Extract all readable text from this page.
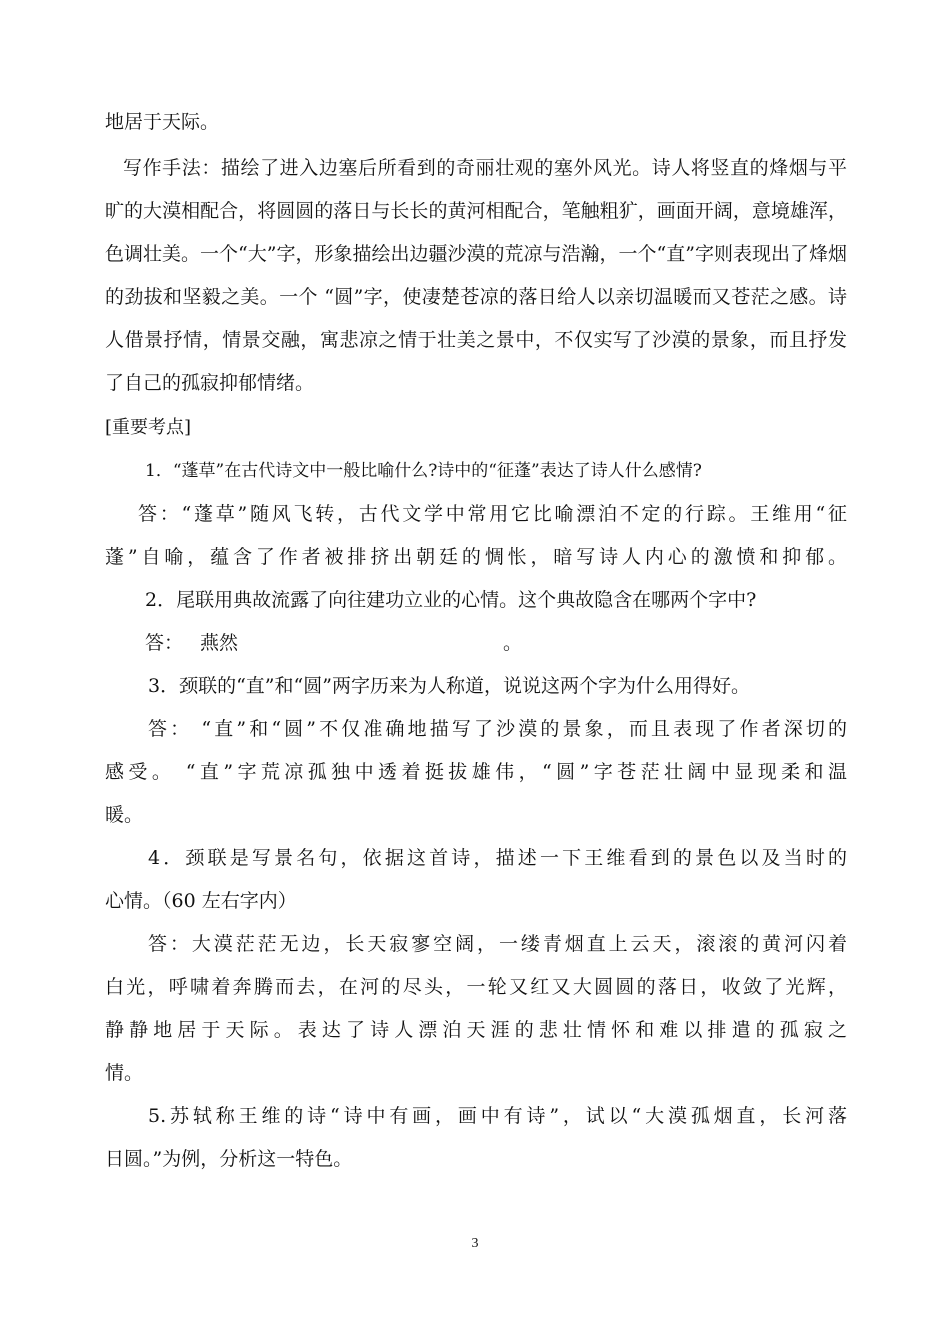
地居于天际。
写作手法：描绘了进入边塞后所看到的奇丽壮观的塞外风光。诗人将竖直的烽烟与平
旷的大漠相配合，将圆圆的落日与长长的黄河相配合，笔触粗犷，画面开阔，意境雄浑，
色调壮美。一个“大”字，形象描绘出边疆沙漠的荒凉与浩瀚，一个“直”字则表现出了烽烟
的劲拔和坚毅之美。一个 “圆”字，使凄楚苍凉的落日给人以亲切温暖而又苍茫之感。诗
人借景抒情，情景交融，寓悲凉之情于壮美之景中，不仅实写了沙漠的景象，而且抒发
了自己的孤寂抑郁情绪。
[重要考点]
1．“蓬草”在古代诗文中一般比喻什么?诗中的“征蓬”表达了诗人什么感情?
答：“蓬草”随风飞转，古代文学中常用它比喻漂泊不定的行踪。王维用“征
蓬”自喻，蕴含了作者被排挤出朝廷的惆怅，暗写诗人内心的激愤和抑郁。
2．尾联用典故流露了向往建功立业的心情。这个典故隐含在哪两个字中?
答： 燕然	。
3．颈联的“直”和“圆”两字历来为人称道，说说这两个字为什么用得好。
答： “直”和“圆”不仅准确地描写了沙漠的景象，而且表现了作者深切的
感受。 “直”字荒凉孤独中透着挺拔雄伟，“圆”字苍茫壮阔中显现柔和温
暖。
4．颈联是写景名句，依据这首诗，描述一下王维看到的景色以及当时的
心情。（60 左右字内）
答：大漠茫茫无边，长天寂寥空阔，一缕青烟直上云天，滚滚的黄河闪着
白光，呼啸着奔腾而去，在河的尽头，一轮又红又大圆圆的落日，收敛了光辉，
静静地居于天际。表达了诗人漂泊天涯的悲壮情怀和难以排遣的孤寂之
情。
5.苏轼称王维的诗“诗中有画，画中有诗”，试以“大漠孤烟直，长河落
日圆。”为例，分析这一特色。
3
